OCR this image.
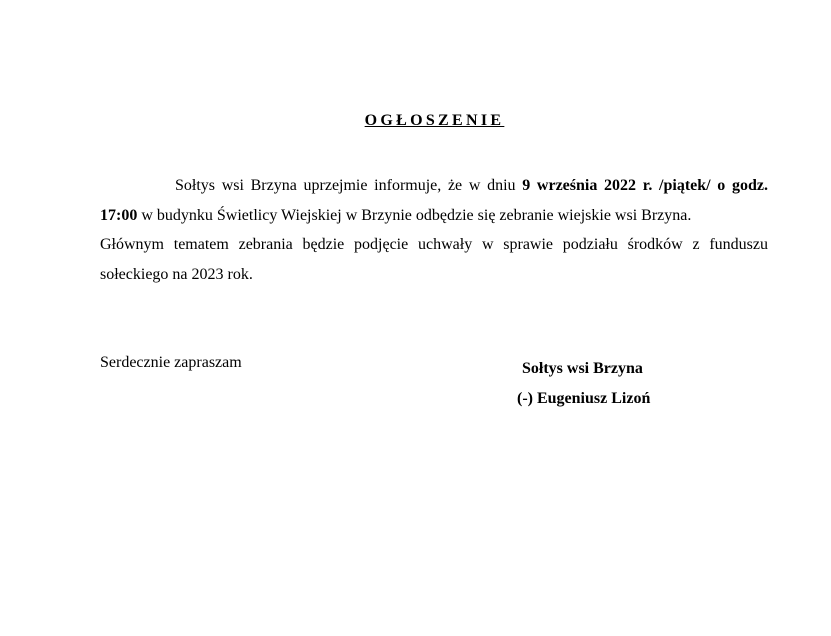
OGŁOSZENIE

Sołtys wsi Brzyna uprzejmie informuje, że w dniu 9 września 2022 r. /piątek/ o godz. 17:00 w budynku Świetlicy Wiejskiej w Brzynie odbędzie się zebranie wiejskie wsi Brzyna.

Głównym tematem zebrania będzie podjęcie uchwały w sprawie podziału środków z funduszu sołeckiego na 2023 rok.

Serdecznie zapraszam	Sołtys wsi Brzyna
(-) Eugeniusz Lizoń
